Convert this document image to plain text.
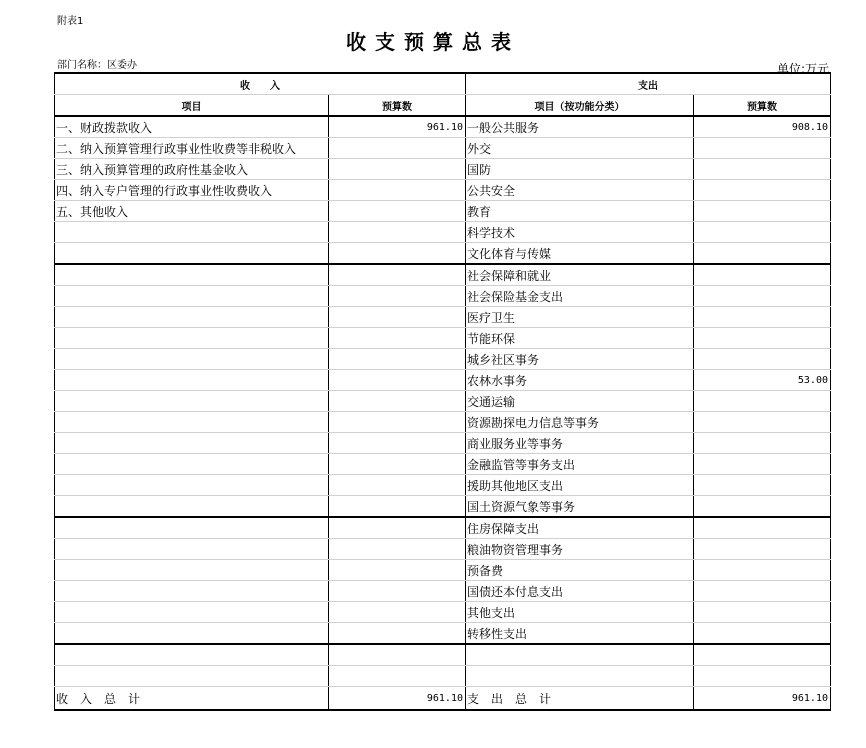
附表1
收支预算总表
部门名称：区委办	单位:万元
收　　入		支出	
项目	预算数	项目（按功能分类）	预算数
一、财政拨款收入	961.10	一般公共服务	908.10
二、纳入预算管理行政事业性收费等非税收入		外交	
三、纳入预算管理的政府性基金收入		国防	
四、纳入专户管理的行政事业性收费收入		公共安全	
五、其他收入		教育	
		科学技术	
		文化体育与传媒	
		社会保障和就业	
		社会保险基金支出	
		医疗卫生	
		节能环保	
		城乡社区事务	
		农林水事务	53.00
		交通运输	
		资源勘探电力信息等事务	
		商业服务业等事务	
		金融监管等事务支出	
		援助其他地区支出	
		国土资源气象等事务	
		住房保障支出	
		粮油物资管理事务	
		预备费	
		国债还本付息支出	
		其他支出	
		转移性支出	

收入总计	961.10	支出总计	961.10
